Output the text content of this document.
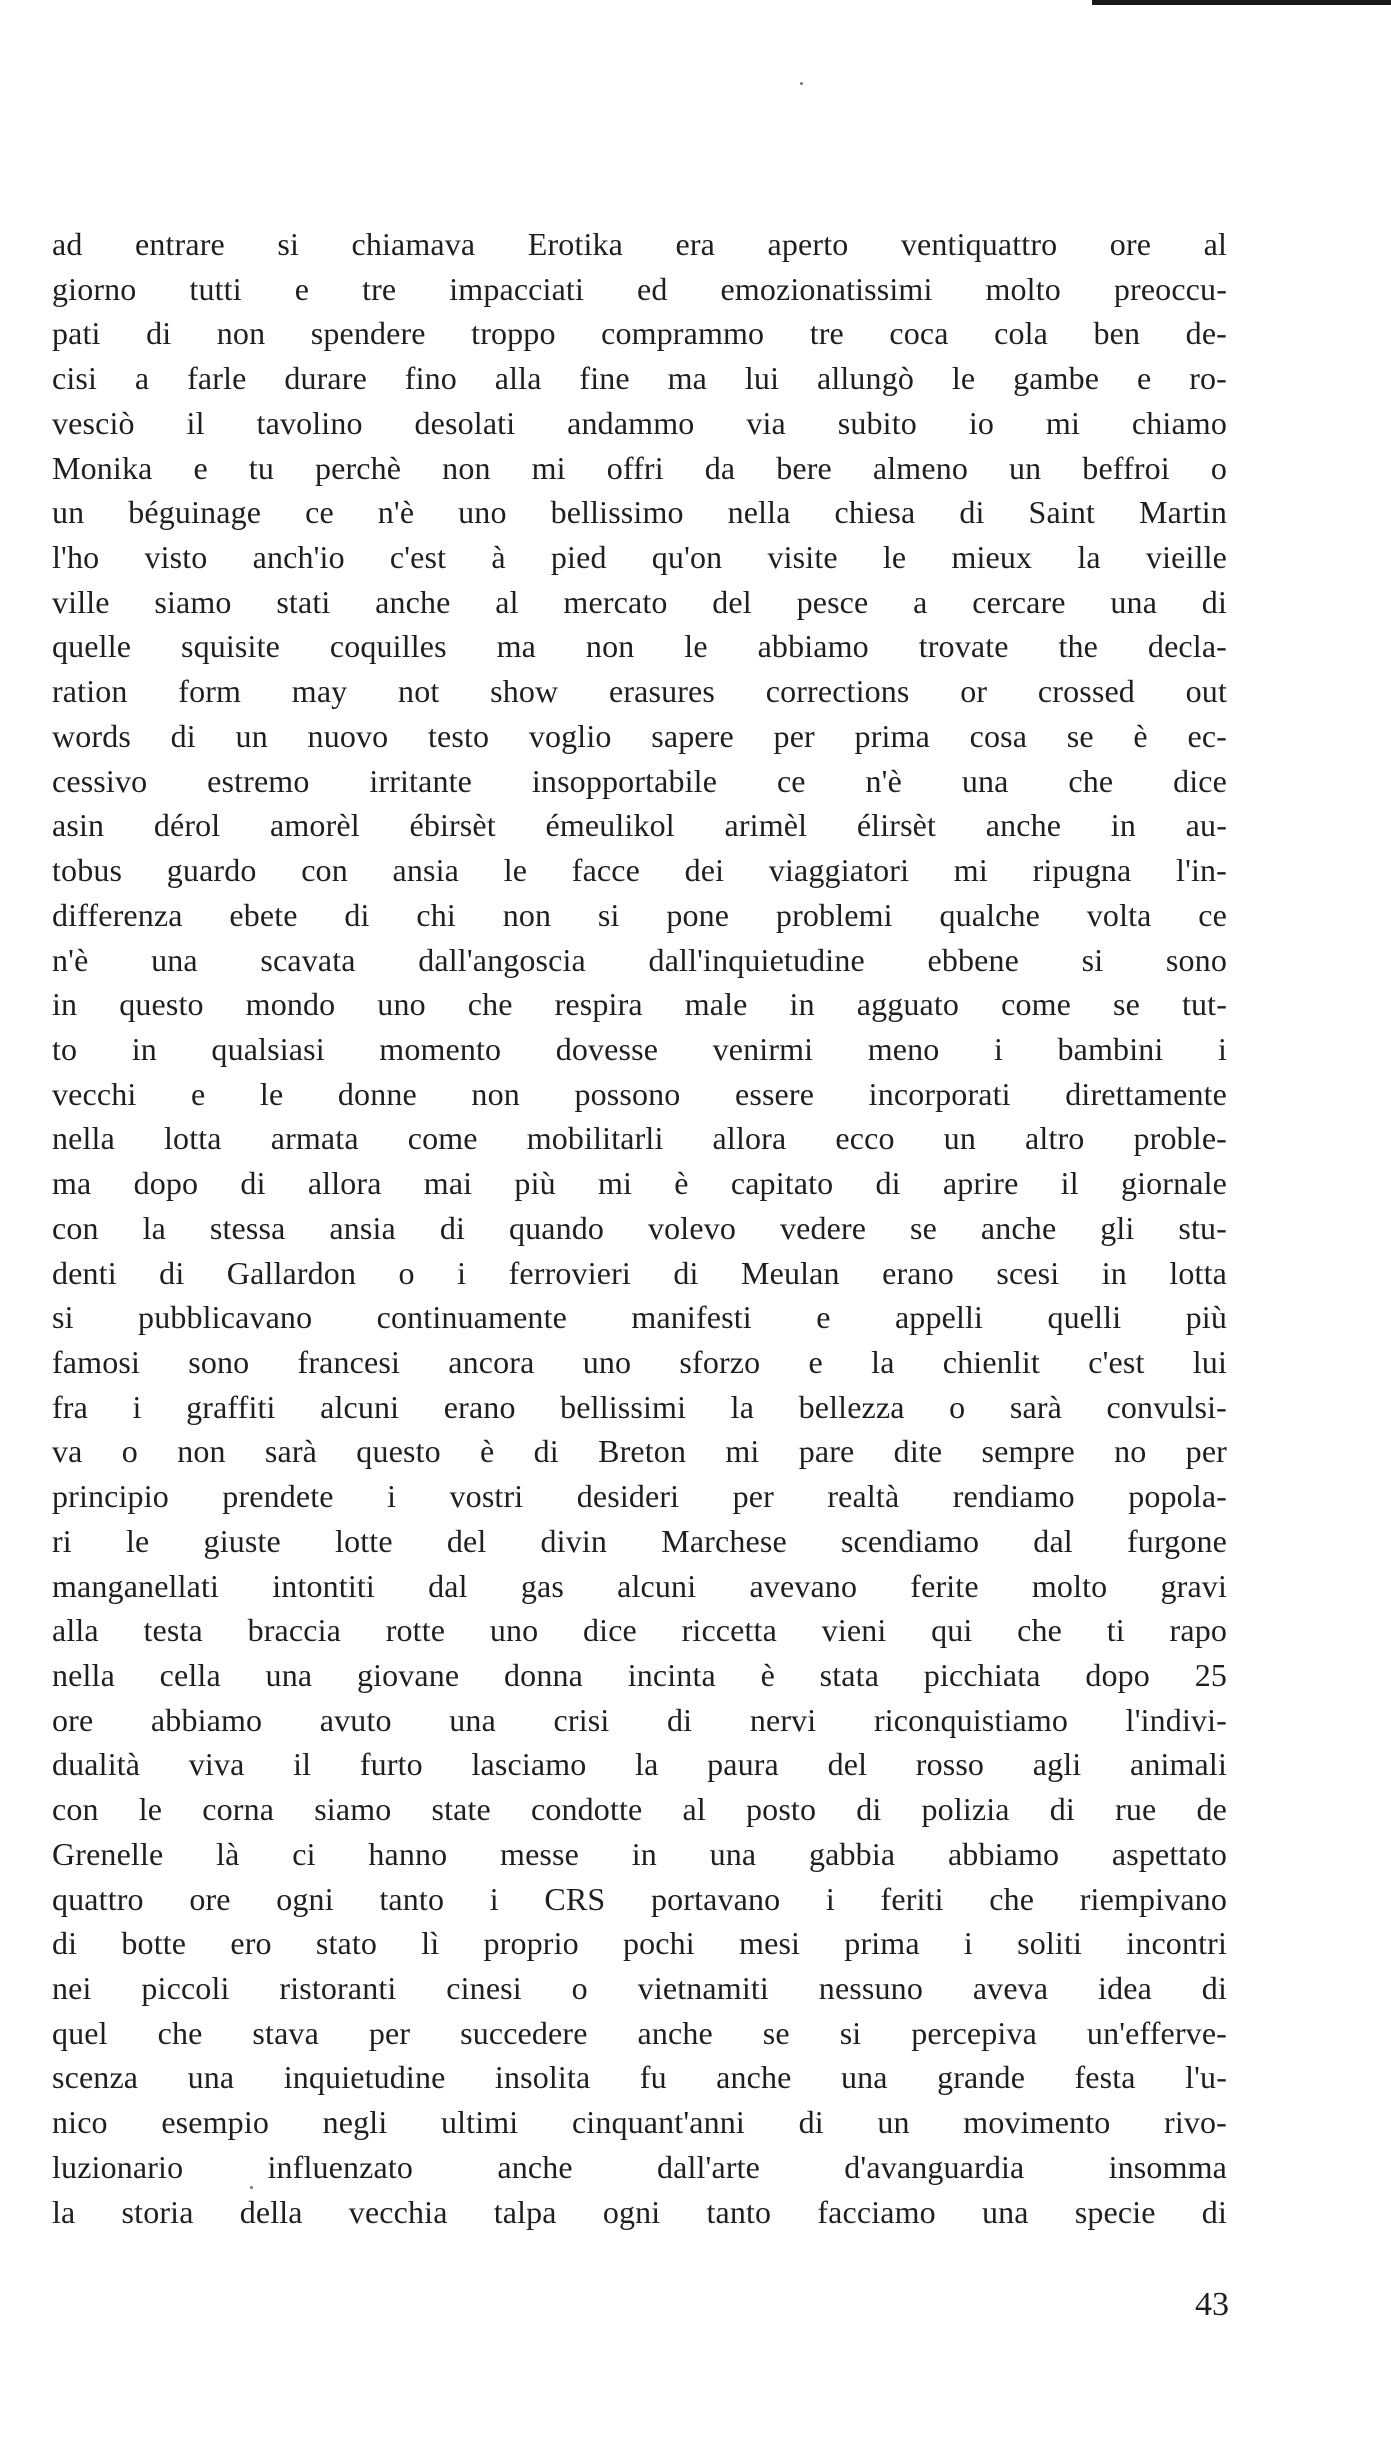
ad entrare si chiamava Erotika era aperto ventiquattro ore al
giorno tutti e tre impacciati ed emozionatissimi molto preoccu-
pati di non spendere troppo comprammo tre coca cola ben de-
cisi a farle durare fino alla fine ma lui allungò le gambe e ro-
vesciò il tavolino desolati andammo via subito io mi chiamo
Monika e tu perchè non mi offri da bere almeno un beffroi o
un béguinage ce n'è uno bellissimo nella chiesa di Saint Martin
l'ho visto anch'io c'est à pied qu'on visite le mieux la vieille
ville siamo stati anche al mercato del pesce a cercare una di
quelle squisite coquilles ma non le abbiamo trovate the decla-
ration form may not show erasures corrections or crossed out
words di un nuovo testo voglio sapere per prima cosa se è ec-
cessivo estremo irritante insopportabile ce n'è una che dice
asin dérol amorèl ébirsèt émeulikol arimèl élirsèt anche in au-
tobus guardo con ansia le facce dei viaggiatori mi ripugna l'in-
differenza ebete di chi non si pone problemi qualche volta ce
n'è una scavata dall'angoscia dall'inquietudine ebbene si sono
in questo mondo uno che respira male in agguato come se tut-
to in qualsiasi momento dovesse venirmi meno i bambini i
vecchi e le donne non possono essere incorporati direttamente
nella lotta armata come mobilitarli allora ecco un altro proble-
ma dopo di allora mai più mi è capitato di aprire il giornale
con la stessa ansia di quando volevo vedere se anche gli stu-
denti di Gallardon o i ferrovieri di Meulan erano scesi in lotta
si pubblicavano continuamente manifesti e appelli quelli più
famosi sono francesi ancora uno sforzo e la chienlit c'est lui
fra i graffiti alcuni erano bellissimi la bellezza o sarà convulsi-
va o non sarà questo è di Breton mi pare dite sempre no per
principio prendete i vostri desideri per realtà rendiamo popola-
ri le giuste lotte del divin Marchese scendiamo dal furgone
manganellati intontiti dal gas alcuni avevano ferite molto gravi
alla testa braccia rotte uno dice riccetta vieni qui che ti rapo
nella cella una giovane donna incinta è stata picchiata dopo 25
ore abbiamo avuto una crisi di nervi riconquistiamo l'indivi-
dualità viva il furto lasciamo la paura del rosso agli animali
con le corna siamo state condotte al posto di polizia di rue de
Grenelle là ci hanno messe in una gabbia abbiamo aspettato
quattro ore ogni tanto i CRS portavano i feriti che riempivano
di botte ero stato lì proprio pochi mesi prima i soliti incontri
nei piccoli ristoranti cinesi o vietnamiti nessuno aveva idea di
quel che stava per succedere anche se si percepiva un'efferve-
scenza una inquietudine insolita fu anche una grande festa l'u-
nico esempio negli ultimi cinquant'anni di un movimento rivo-
luzionario influenzato anche dall'arte d'avanguardia insomma
la storia della vecchia talpa ogni tanto facciamo una specie di
43
